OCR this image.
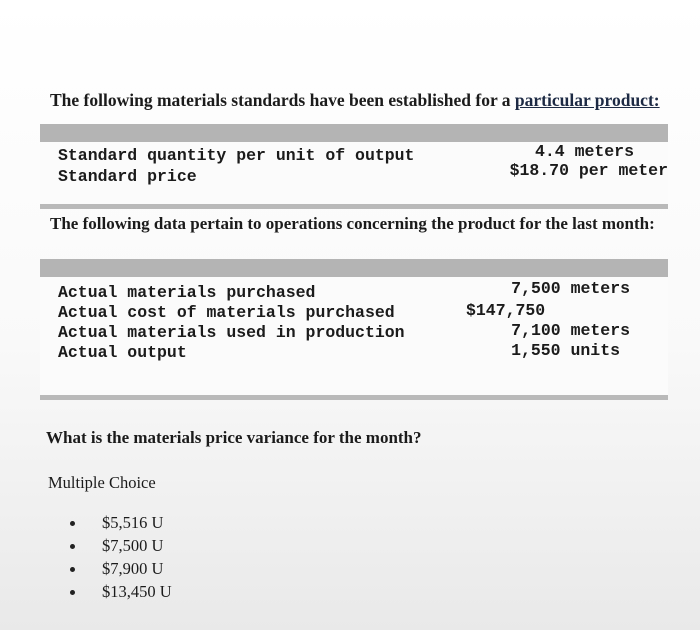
The following materials standards have been established for a particular product:
Standard quantity per unit of output	4.4 meters
Standard price	$18.70 per meter
The following data pertain to operations concerning the product for the last month:
Actual materials purchased	7,500 meters
Actual cost of materials purchased	$147,750
Actual materials used in production	7,100 meters
Actual output	1,550 units
What is the materials price variance for the month?
Multiple Choice
$5,516 U
$7,500 U
$7,900 U
$13,450 U
